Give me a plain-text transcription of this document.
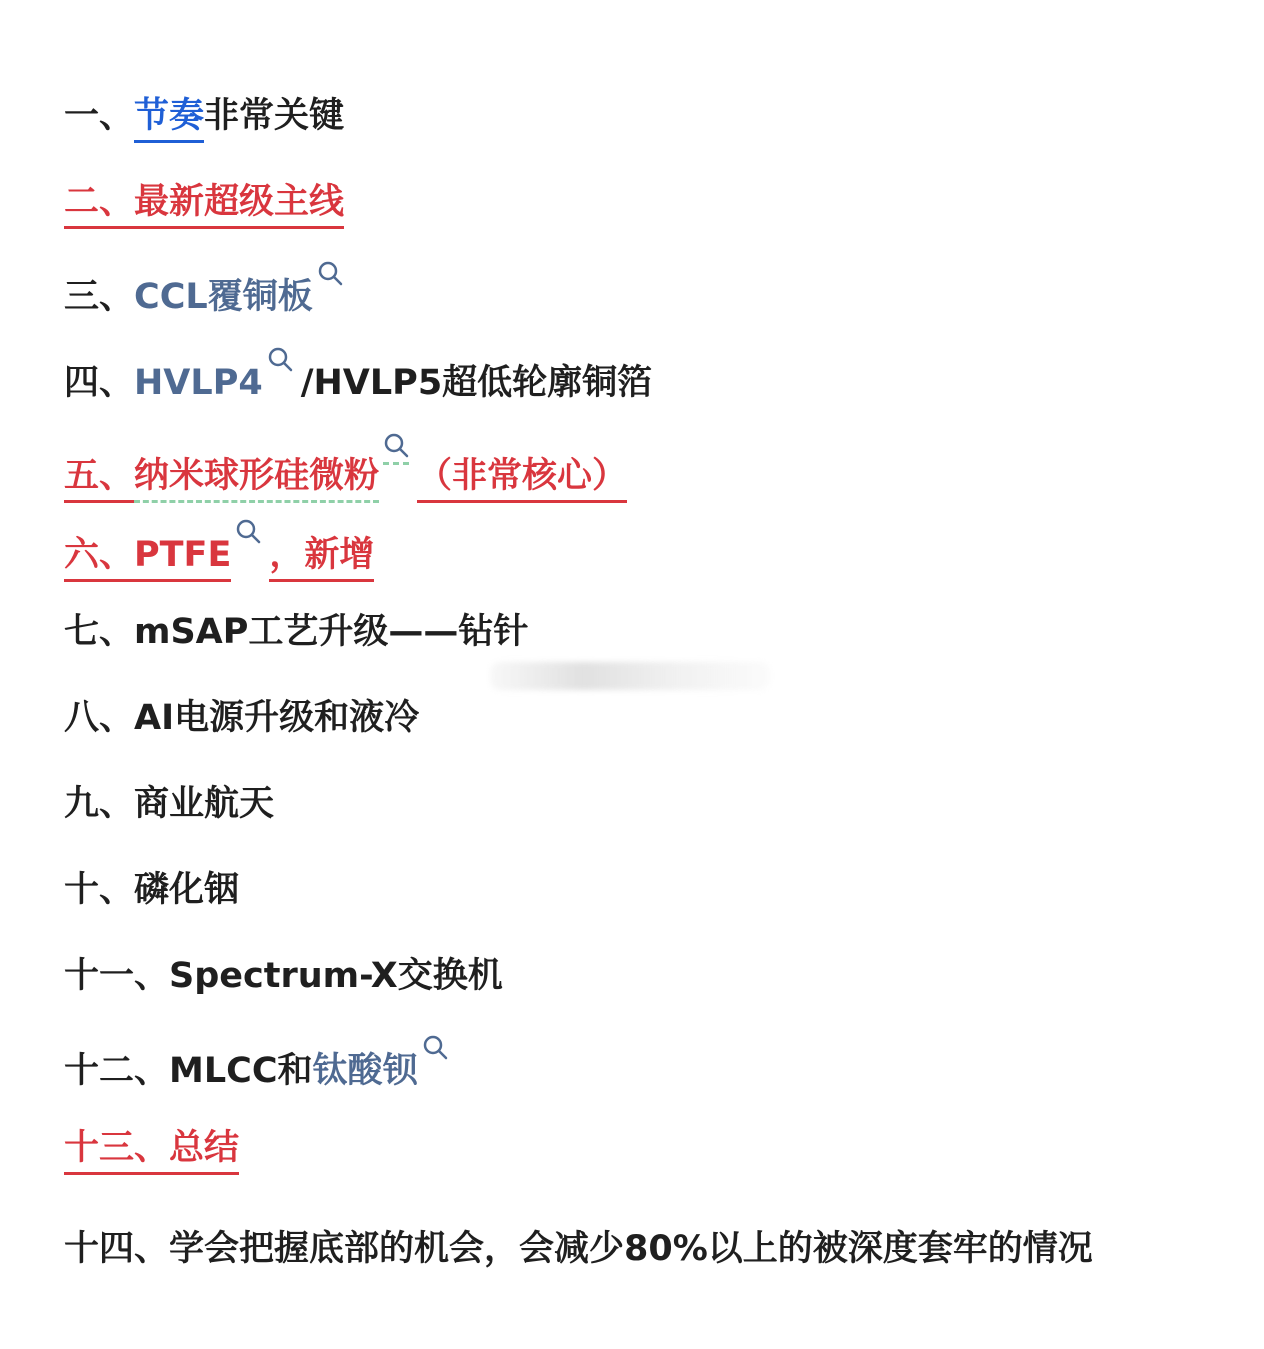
一、节奏非常关键
二、最新超级主线
三、CCL覆铜板
四、HVLP4 /HVLP5超低轮廓铜箔
五、纳米球形硅微粉 （非常核心）
六、PTFE ，新增
七、mSAP工艺升级——钻针
八、AI电源升级和液冷
九、商业航天
十、磷化铟
十一、Spectrum-X交换机
十二、MLCC和钛酸钡
十三、总结
十四、学会把握底部的机会，会减少80%以上的被深度套牢的情况
